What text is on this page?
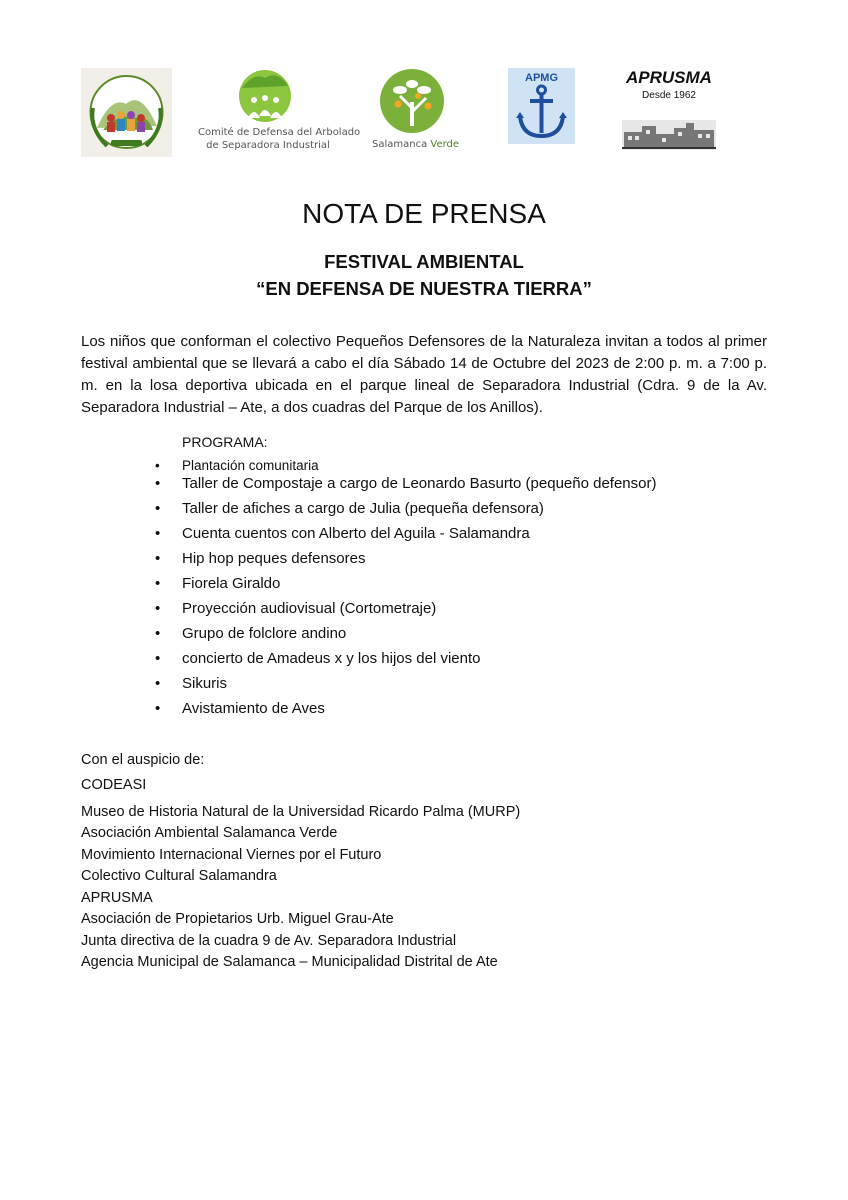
Comité de Defensa del Arbolado
de Separadora Industrial	Salamanca Verde
APMG	APRUSMA
Desde 1962
NOTA DE PRENSA
FESTIVAL AMBIENTAL
“EN DEFENSA DE NUESTRA TIERRA”

Los niños que conforman el colectivo Pequeños Defensores de la Naturaleza invitan a todos al primer festival ambiental que se llevará a cabo el día Sábado 14 de Octubre del 2023 de 2:00 p. m. a 7:00 p. m. en la losa deportiva ubicada en el parque lineal de Separadora Industrial (Cdra. 9 de la Av. Separadora Industrial – Ate, a dos cuadras del Parque de los Anillos).

PROGRAMA:

• Plantación comunitaria
• Taller de Compostaje a cargo de Leonardo Basurto (pequeño defensor)
• Taller de afiches a cargo de Julia (pequeña defensora)
• Cuenta cuentos con Alberto del Aguila - Salamandra
• Hip hop peques defensores
• Fiorela Giraldo
• Proyección audiovisual (Cortometraje)
• Grupo de folclore andino
• concierto de Amadeus x y los hijos del viento
• Sikuris
• Avistamiento de Aves

Con el auspicio de:

CODEASI
Museo de Historia Natural de la Universidad Ricardo Palma (MURP)
Asociación Ambiental Salamanca Verde
Movimiento Internacional Viernes por el Futuro
Colectivo Cultural Salamandra
APRUSMA
Asociación de Propietarios Urb. Miguel Grau-Ate
Junta directiva de la cuadra 9 de Av. Separadora Industrial
Agencia Municipal de Salamanca – Municipalidad Distrital de Ate
